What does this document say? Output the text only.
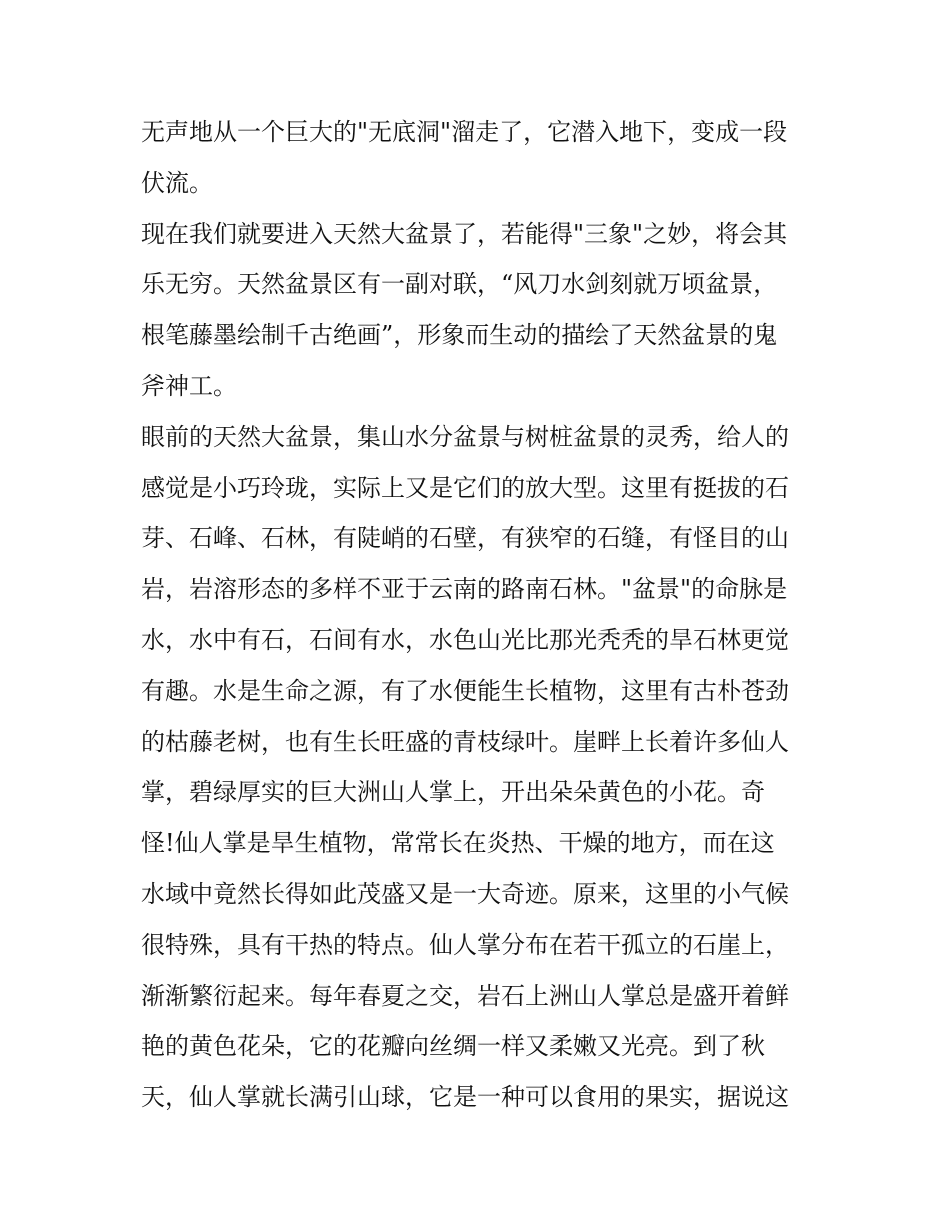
无声地从一个巨大的"无底洞"溜走了，它潜入地下，变成一段
伏流。
现在我们就要进入天然大盆景了，若能得"三象"之妙，将会其
乐无穷。天然盆景区有一副对联，“风刀水剑刻就万顷盆景，
根笔藤墨绘制千古绝画”，形象而生动的描绘了天然盆景的鬼
斧神工。
眼前的天然大盆景，集山水分盆景与树桩盆景的灵秀，给人的
感觉是小巧玲珑，实际上又是它们的放大型。这里有挺拔的石
芽、石峰、石林，有陡峭的石壁，有狭窄的石缝，有怪目的山
岩，岩溶形态的多样不亚于云南的路南石林。"盆景"的命脉是
水，水中有石，石间有水，水色山光比那光秃秃的旱石林更觉
有趣。水是生命之源，有了水便能生长植物，这里有古朴苍劲
的枯藤老树，也有生长旺盛的青枝绿叶。崖畔上长着许多仙人
掌，碧绿厚实的巨大洲山人掌上，开出朵朵黄色的小花。奇
怪!仙人掌是旱生植物，常常长在炎热、干燥的地方，而在这
水域中竟然长得如此茂盛又是一大奇迹。原来，这里的小气候
很特殊，具有干热的特点。仙人掌分布在若干孤立的石崖上，
渐渐繁衍起来。每年春夏之交，岩石上洲山人掌总是盛开着鲜
艳的黄色花朵，它的花瓣向丝绸一样又柔嫩又光亮。到了秋
天，仙人掌就长满引山球，它是一种可以食用的果实，据说这
